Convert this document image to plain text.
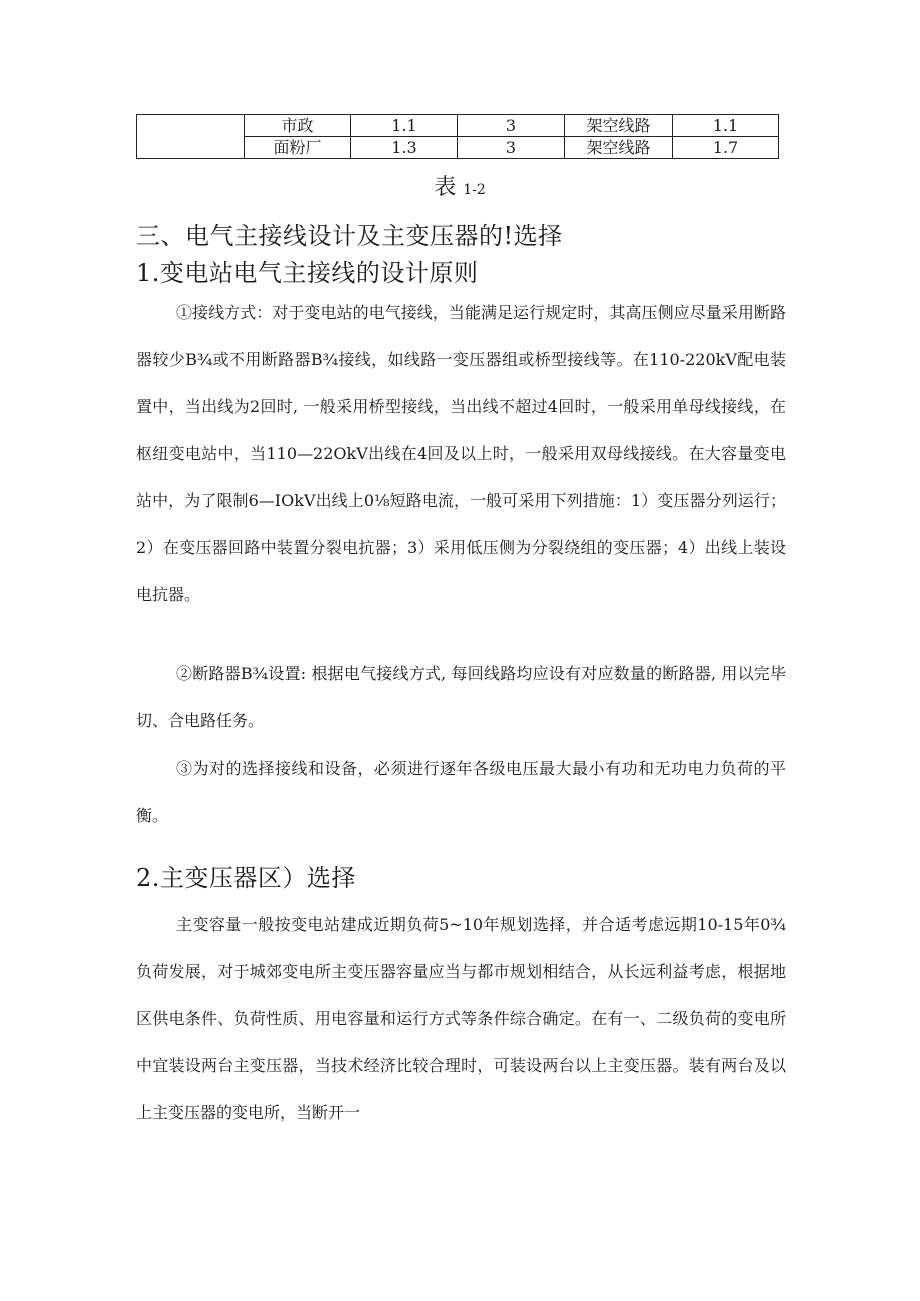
	市政	1.1	3	架空线路	1.1
	面粉厂	1.3	3	架空线路	1.7
表 1-2
三、电气主接线设计及主变压器的!选择
1.变电站电气主接线的设计原则

①接线方式：对于变电站的电气接线，当能满足运行规定时，其高压侧应尽量采用断路器较少B¾或不用断路器B¾接线，如线路一变压器组或桥型接线等。在110-220kV配电装置中，当出线为2回时, 一般采用桥型接线，当出线不超过4回时，一般采用单母线接线，在枢纽变电站中，当110—22OkV出线在4回及以上时，一般采用双母线接线。在大容量变电站中，为了限制6—IOkV出线上0⅛短路电流，一般可采用下列措施：1）变压器分列运行；2）在变压器回路中装置分裂电抗器；3）采用低压侧为分裂绕组的变压器；4）出线上装设电抗器。

②断路器B¾设置: 根据电气接线方式, 每回线路均应设有对应数量的断路器, 用以完毕切、合电路任务。

③为对的选择接线和设备，必须进行逐年各级电压最大最小有功和无功电力负荷的平衡。

2.主变压器区）选择

主变容量一般按变电站建成近期负荷5~10年规划选择，并合适考虑远期10-15年0¾负荷发展，对于城郊变电所主变压器容量应当与都市规划相结合，从长远利益考虑，根据地区供电条件、负荷性质、用电容量和运行方式等条件综合确定。在有一、二级负荷的变电所中宜装设两台主变压器，当技术经济比较合理时，可装设两台以上主变压器。装有两台及以上主变压器的变电所，当断开一
